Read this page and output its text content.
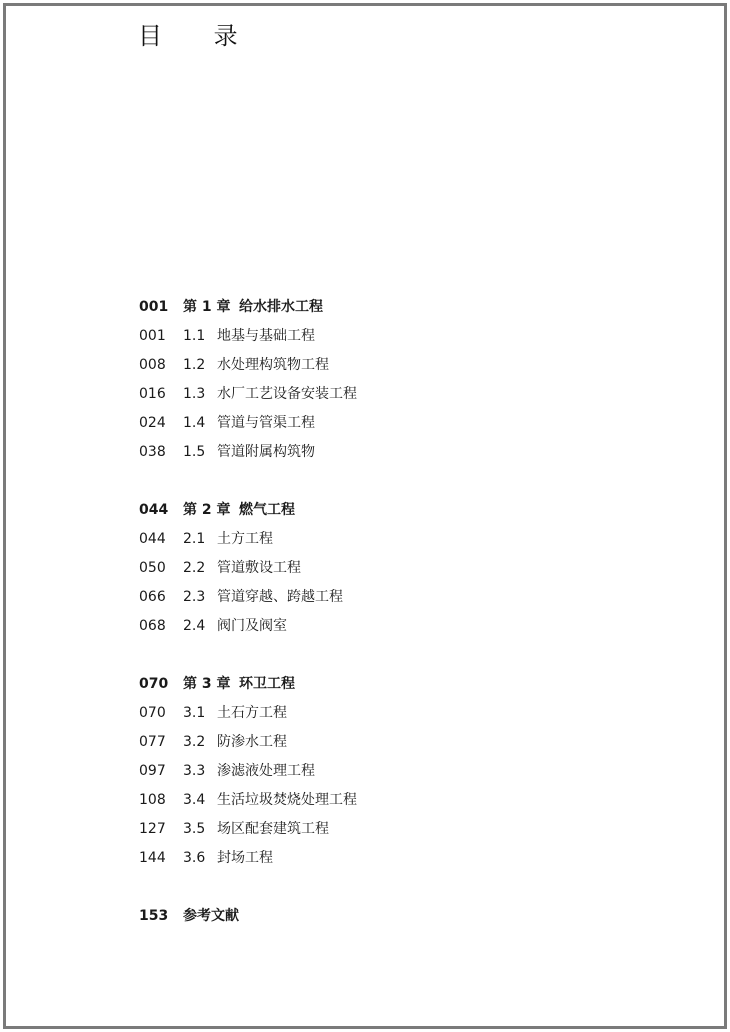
目 录
001	第 1 章 给水排水工程
001	1.1 地基与基础工程
008	1.2 水处理构筑物工程
016	1.3 水厂工艺设备安装工程
024	1.4 管道与管渠工程
038	1.5 管道附属构筑物
044	第 2 章 燃气工程
044	2.1 土方工程
050	2.2 管道敷设工程
066	2.3 管道穿越、跨越工程
068	2.4 阀门及阀室
070	第 3 章 环卫工程
070	3.1 土石方工程
077	3.2 防渗水工程
097	3.3 渗滤液处理工程
108	3.4 生活垃圾焚烧处理工程
127	3.5 场区配套建筑工程
144	3.6 封场工程
153	参考文献
